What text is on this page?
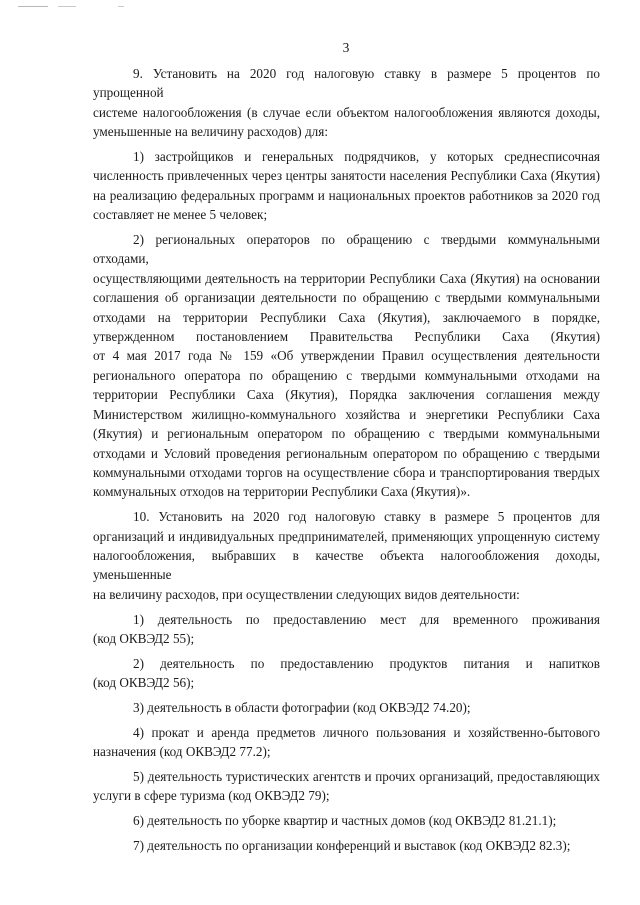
3
9. Установить на 2020 год налоговую ставку в размере 5 процентов по упрощенной
системе налогообложения (в случае если объектом налогообложения являются доходы,
уменьшенные на величину расходов) для:
1) застройщиков и генеральных подрядчиков, у которых среднесписочная
численность привлеченных через центры занятости населения Республики Саха (Якутия)
на реализацию федеральных программ и национальных проектов работников за 2020 год
составляет не менее 5 человек;
2) региональных операторов по обращению с твердыми коммунальными отходами,
осуществляющими деятельность на территории Республики Саха (Якутия) на основании
соглашения об организации деятельности по обращению с твердыми коммунальными
отходами на территории Республики Саха (Якутия), заключаемого в порядке,
утвержденном постановлением Правительства Республики Саха (Якутия)
от 4 мая 2017 года № 159 «Об утверждении Правил осуществления деятельности
регионального оператора по обращению с твердыми коммунальными отходами на
территории Республики Саха (Якутия), Порядка заключения соглашения между
Министерством жилищно-коммунального хозяйства и энергетики Республики Саха
(Якутия) и региональным оператором по обращению с твердыми коммунальными
отходами и Условий проведения региональным оператором по обращению с твердыми
коммунальными отходами торгов на осуществление сбора и транспортирования твердых
коммунальных отходов на территории Республики Саха (Якутия)».
10. Установить на 2020 год налоговую ставку в размере 5 процентов для
организаций и индивидуальных предпринимателей, применяющих упрощенную систему
налогообложения, выбравших в качестве объекта налогообложения доходы, уменьшенные
на величину расходов, при осуществлении следующих видов деятельности:
1) деятельность по предоставлению мест для временного проживания
(код ОКВЭД2 55);
2) деятельность по предоставлению продуктов питания и напитков
(код ОКВЭД2 56);
3) деятельность в области фотографии (код ОКВЭД2 74.20);
4) прокат и аренда предметов личного пользования и хозяйственно-бытового
назначения (код ОКВЭД2 77.2);
5) деятельность туристических агентств и прочих организаций, предоставляющих
услуги в сфере туризма (код ОКВЭД2 79);
6) деятельность по уборке квартир и частных домов (код ОКВЭД2 81.21.1);
7) деятельность по организации конференций и выставок (код ОКВЭД2 82.3);
